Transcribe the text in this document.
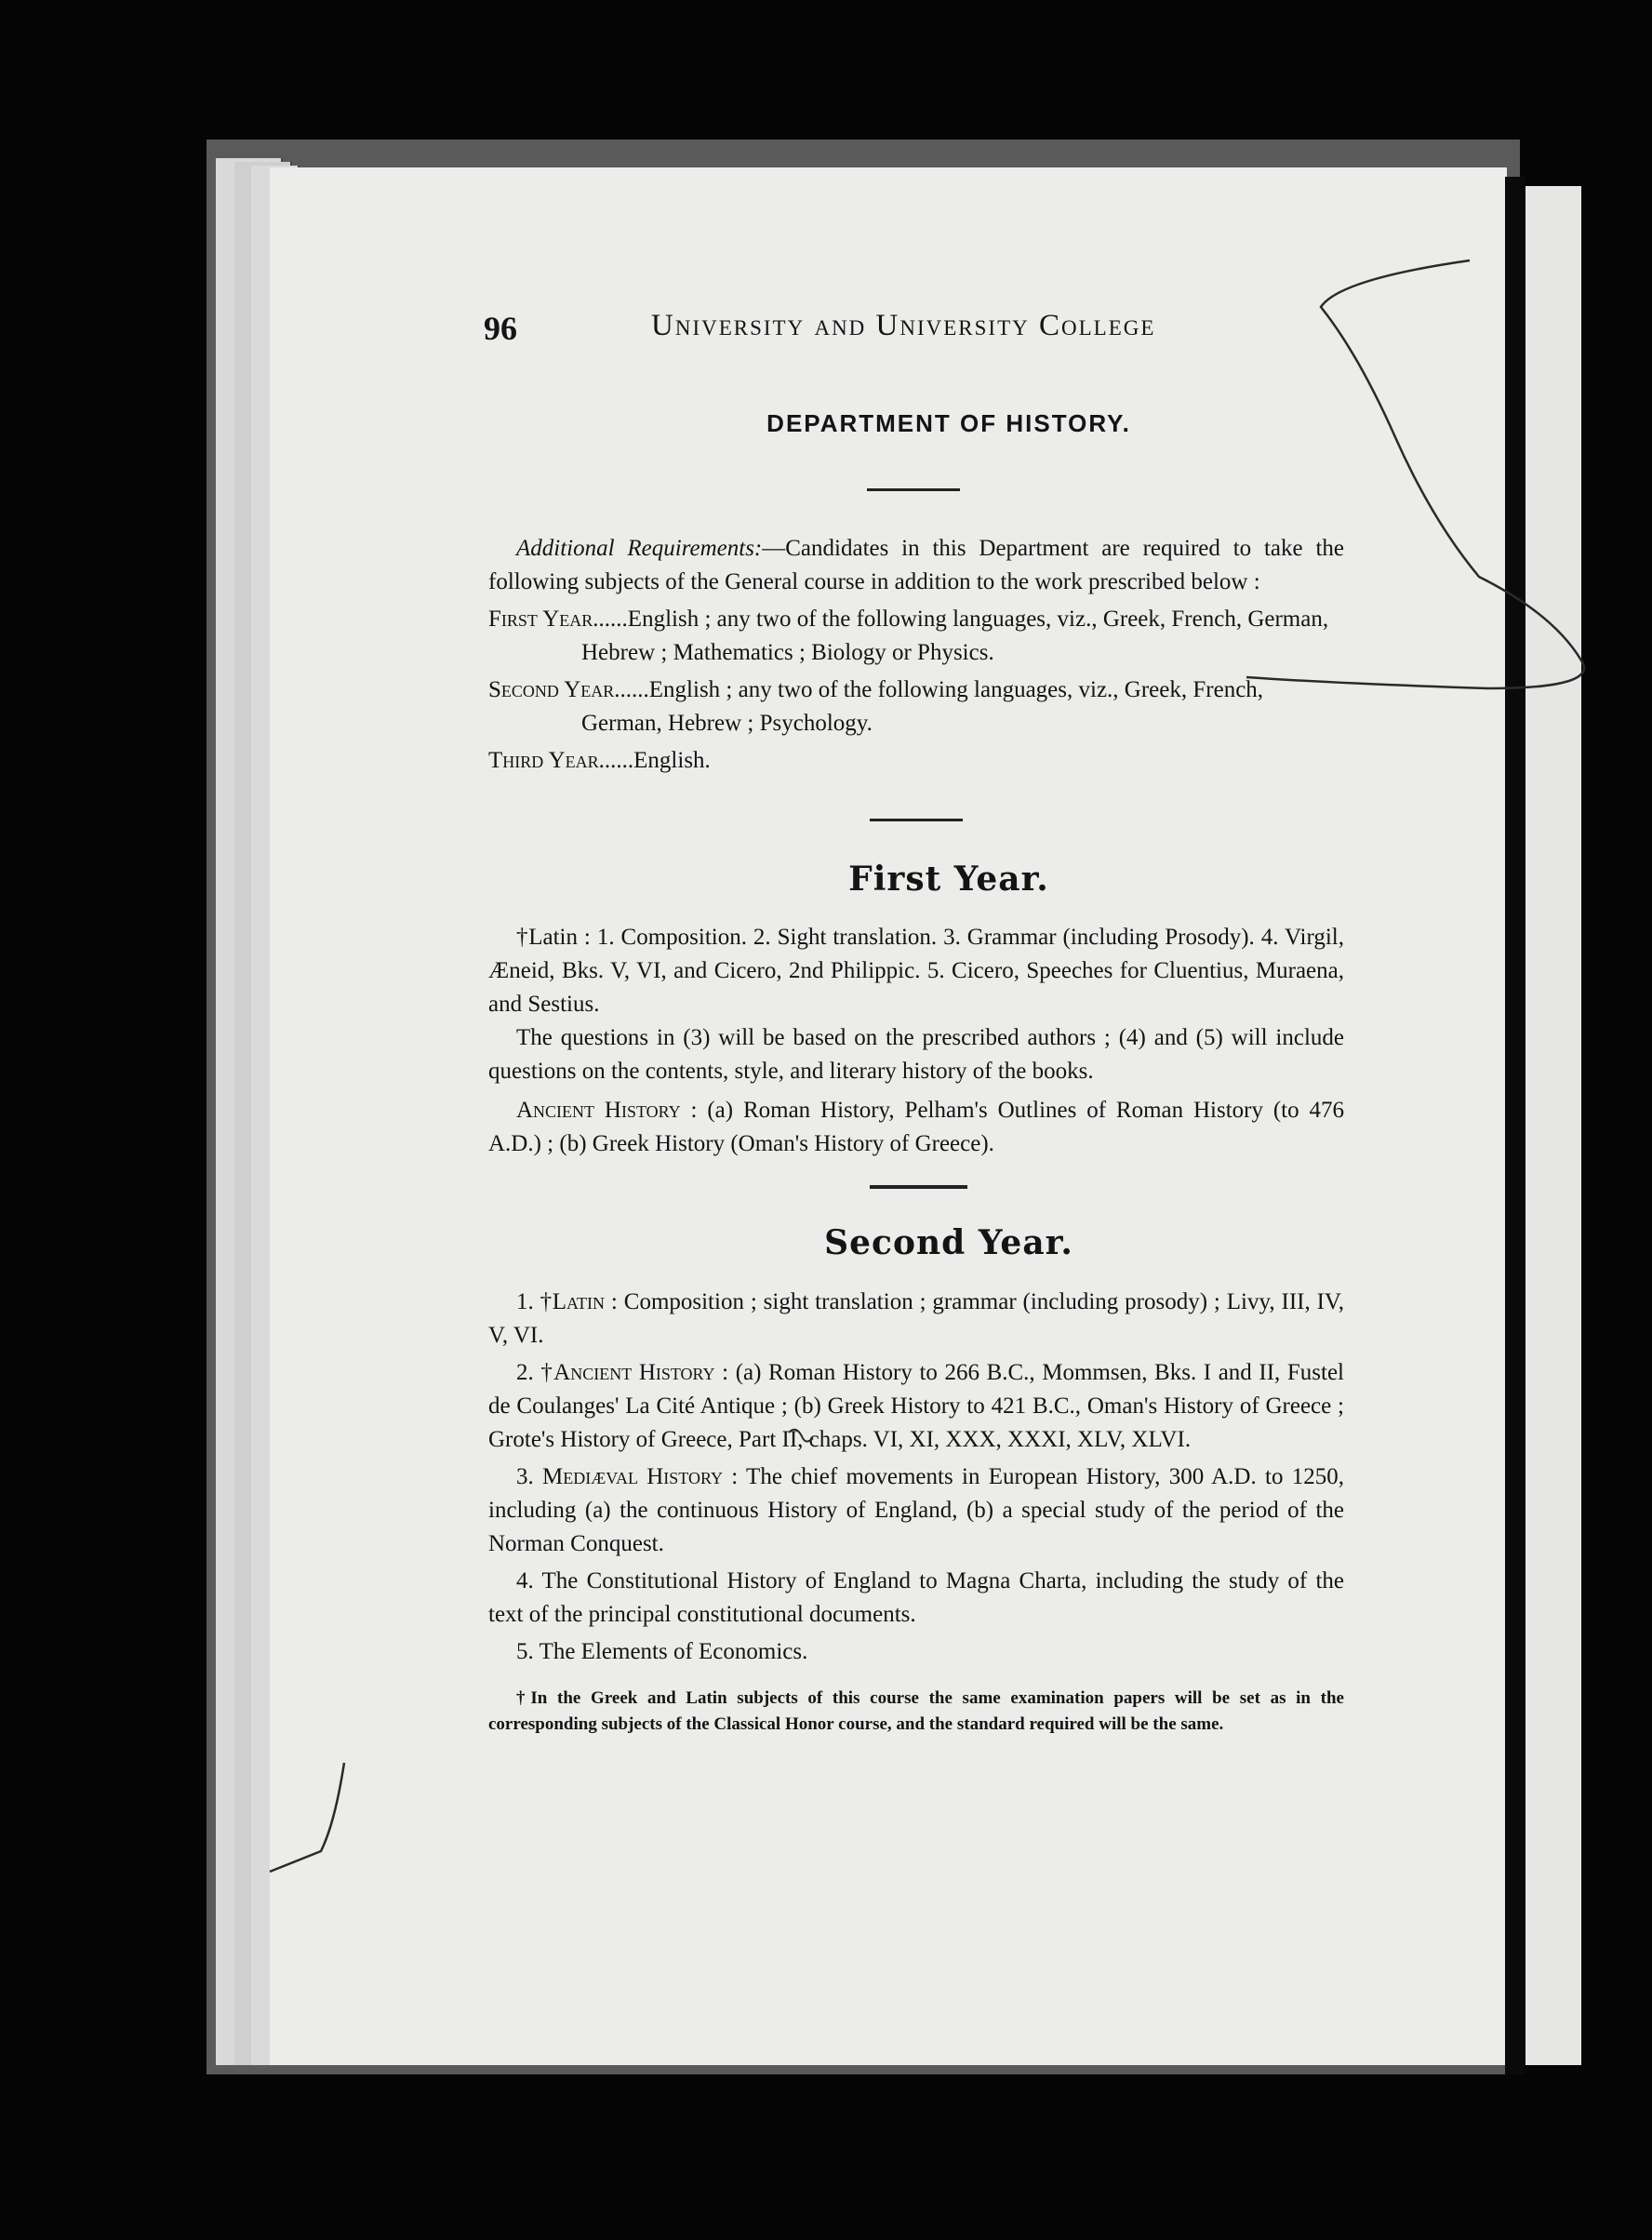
96	University and University College
DEPARTMENT OF HISTORY.

Additional Requirements:—Candidates in this Department are required to take the following subjects of the General course in addition to the work prescribed below :

First Year......English ; any two of the following languages, viz., Greek, French, German, Hebrew ; Mathematics ; Biology or Physics.

Second Year......English ; any two of the following languages, viz., Greek, French, German, Hebrew ; Psychology.

Third Year......English.

First Year.

†Latin : 1. Composition. 2. Sight translation. 3. Grammar (including Prosody). 4. Virgil, Æneid, Bks. V, VI, and Cicero, 2nd Philippic. 5. Cicero, Speeches for Cluentius, Muraena, and Sestius.

The questions in (3) will be based on the prescribed authors ; (4) and (5) will include questions on the contents, style, and literary history of the books.

Ancient History : (a) Roman History, Pelham's Outlines of Roman History (to 476 A.D.) ; (b) Greek History (Oman's History of Greece).

Second Year.

1. †Latin : Composition ; sight translation ; grammar (including prosody) ; Livy, III, IV, V, VI.

2. †Ancient History : (a) Roman History to 266 B.C., Mommsen, Bks. I and II, Fustel de Coulanges' La Cité Antique ; (b) Greek History to 421 B.C., Oman's History of Greece ; Grote's History of Greece, Part II, chaps. VI, XI, XXX, XXXI, XLV, XLVI.

3. Mediæval History : The chief movements in European History, 300 A.D. to 1250, including (a) the continuous History of England, (b) a special study of the period of the Norman Conquest.

4. The Constitutional History of England to Magna Charta, including the study of the text of the principal constitutional documents.

5. The Elements of Economics.

†In the Greek and Latin subjects of this course the same examination papers will be set as in the corresponding subjects of the Classical Honor course, and the standard required will be the same.
